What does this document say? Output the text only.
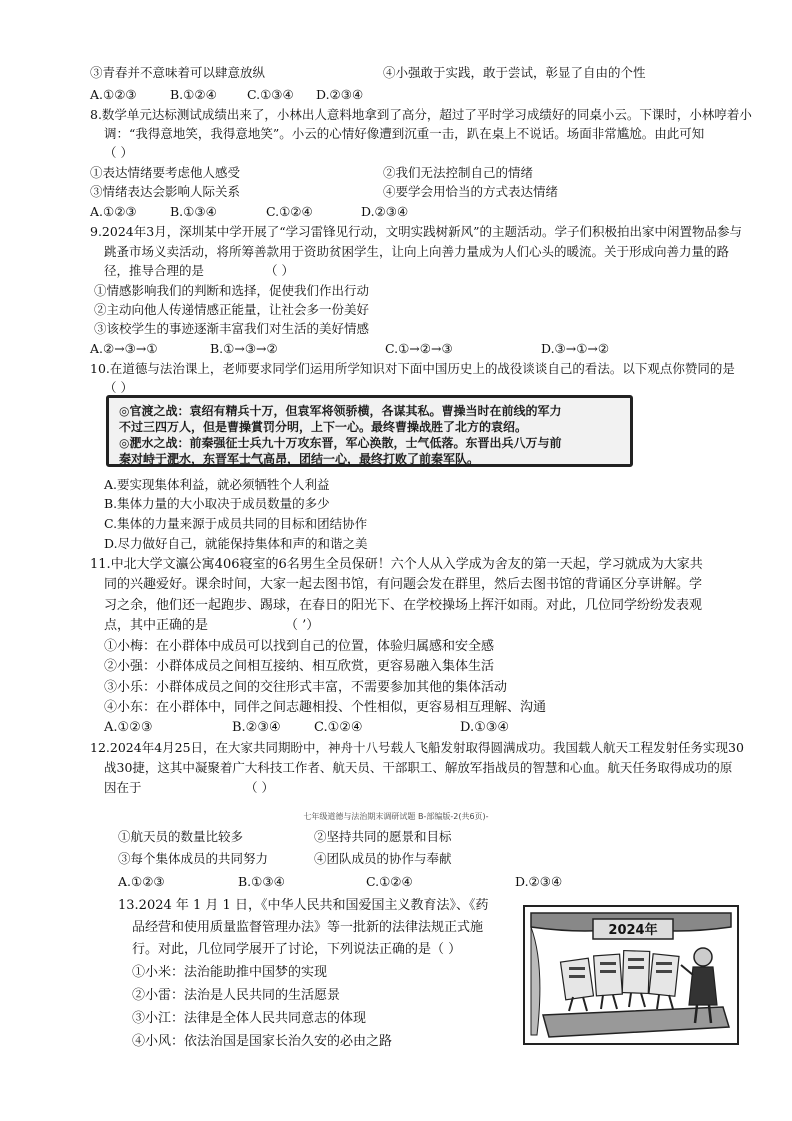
③青春并不意味着可以肆意放纵	④小强敢于实践，敢于尝试，彰显了自由的个性
A.①②③	B.①②④ C.①③④ D.②③④
8.数学单元达标测试成绩出来了，小林出人意料地拿到了高分，超过了平时学习成绩好的同桌小云。下课时，小林哼着小
调：“我得意地笑，我得意地笑”。小云的心情好像遭到沉重一击，趴在桌上不说话。场面非常尴尬。由此可知
（ ）
①表达情绪要考虑他人感受	②我们无法控制自己的情绪
③情绪表达会影响人际关系	④要学会用恰当的方式表达情绪
A.①②③	B.①③④	C.①②④	D.②③④
9.2024年3月，深圳某中学开展了“学习雷锋见行动，文明实践树新风”的主题活动。学子们积极拍出家中闲置物品参与
跳蚤市场义卖活动，将所筹善款用于资助贫困学生，让向上向善力量成为人们心头的暖流。关于形成向善力量的路
径，推导合理的是	（ ）
①情感影响我们的判断和选择，促使我们作出行动
②主动向他人传递情感正能量，让社会多一份美好
③该校学生的事迹逐渐丰富我们对生活的美好情感
A.②→③→①	B.①→③→②	C.①→②→③	D.③→①→②
10.在道德与法治课上，老师要求同学们运用所学知识对下面中国历史上的战役谈谈自己的看法。以下观点你赞同的是
（ ）
◎官渡之战：袁绍有精兵十万，但袁军将领骄横，各谋其私。曹操当时在前线的军力
不过三四万人，但是曹操賞罚分明，上下一心。最终曹操战胜了北方的袁绍。
◎淝水之战：前秦强征士兵九十万攻东晋，军心涣散，士气低落。东晋出兵八万与前
秦对峙于淝水，东晋军士气高昂，团结一心，最终打败了前秦军队。
A.要实现集体利益，就必须牺牲个人利益
B.集体力量的大小取决于成员数量的多少
C.集体的力量来源于成员共同的目标和团结协作
D.尽力做好自己，就能保持集体和声的和谐之美
11.中北大学文瀛公寓406寝室的6名男生全员保研！六个人从入学成为舍友的第一天起，学习就成为大家共
同的兴趣爱好。课余时间，大家一起去图书馆，有问题会发在群里，然后去图书馆的背诵区分享讲解。学
习之余，他们还一起跑步、踢球，在春日的阳光下、在学校操场上挥汗如雨。对此，几位同学纷纷发表观
点，其中正确的是	（ ’）
①小梅：在小群体中成员可以找到自己的位置，体验归属感和安全感
②小强：小群体成员之间相互接纳、相互欣赏，更容易融入集体生活
③小乐：小群体成员之间的交往形式丰富，不需要参加其他的集体活动
④小东：在小群体中，同伴之间志趣相投、个性相似，更容易相互理解、沟通
A.①②③	B.②③④	C.①②④	D.①③④
12.2024年4月25日，在大家共同期盼中，神舟十八号载人飞船发射取得圆满成功。我国载人航天工程发射任务实现30
战30捷，这其中凝聚着广大科技工作者、航天员、干部职工、解放军指战员的智慧和心血。航天任务取得成功的原
因在于	（ ）
七年级道德与法治期末调研试题 B-部编版-2(共6页)-
①航天员的数量比较多	②坚持共同的愿景和目标
③每个集体成员的共同努力	④团队成员的协作与奉献
A.①②③	B.①③④	C.①②④	D.②③④
13.2024 年 1 月 1 日，《中华人民共和国爱国主义教育法》、《药
品经营和使用质量监督管理办法》等一批新的法律法规正式施
行。对此，几位同学展开了讨论，下列说法正确的是（ ）
①小米：法治能助推中国梦的实现
②小雷：法治是人民共同的生活愿景
③小江：法律是全体人民共同意志的体现
④小风：依法治国是国家长治久安的必由之路
2024年
